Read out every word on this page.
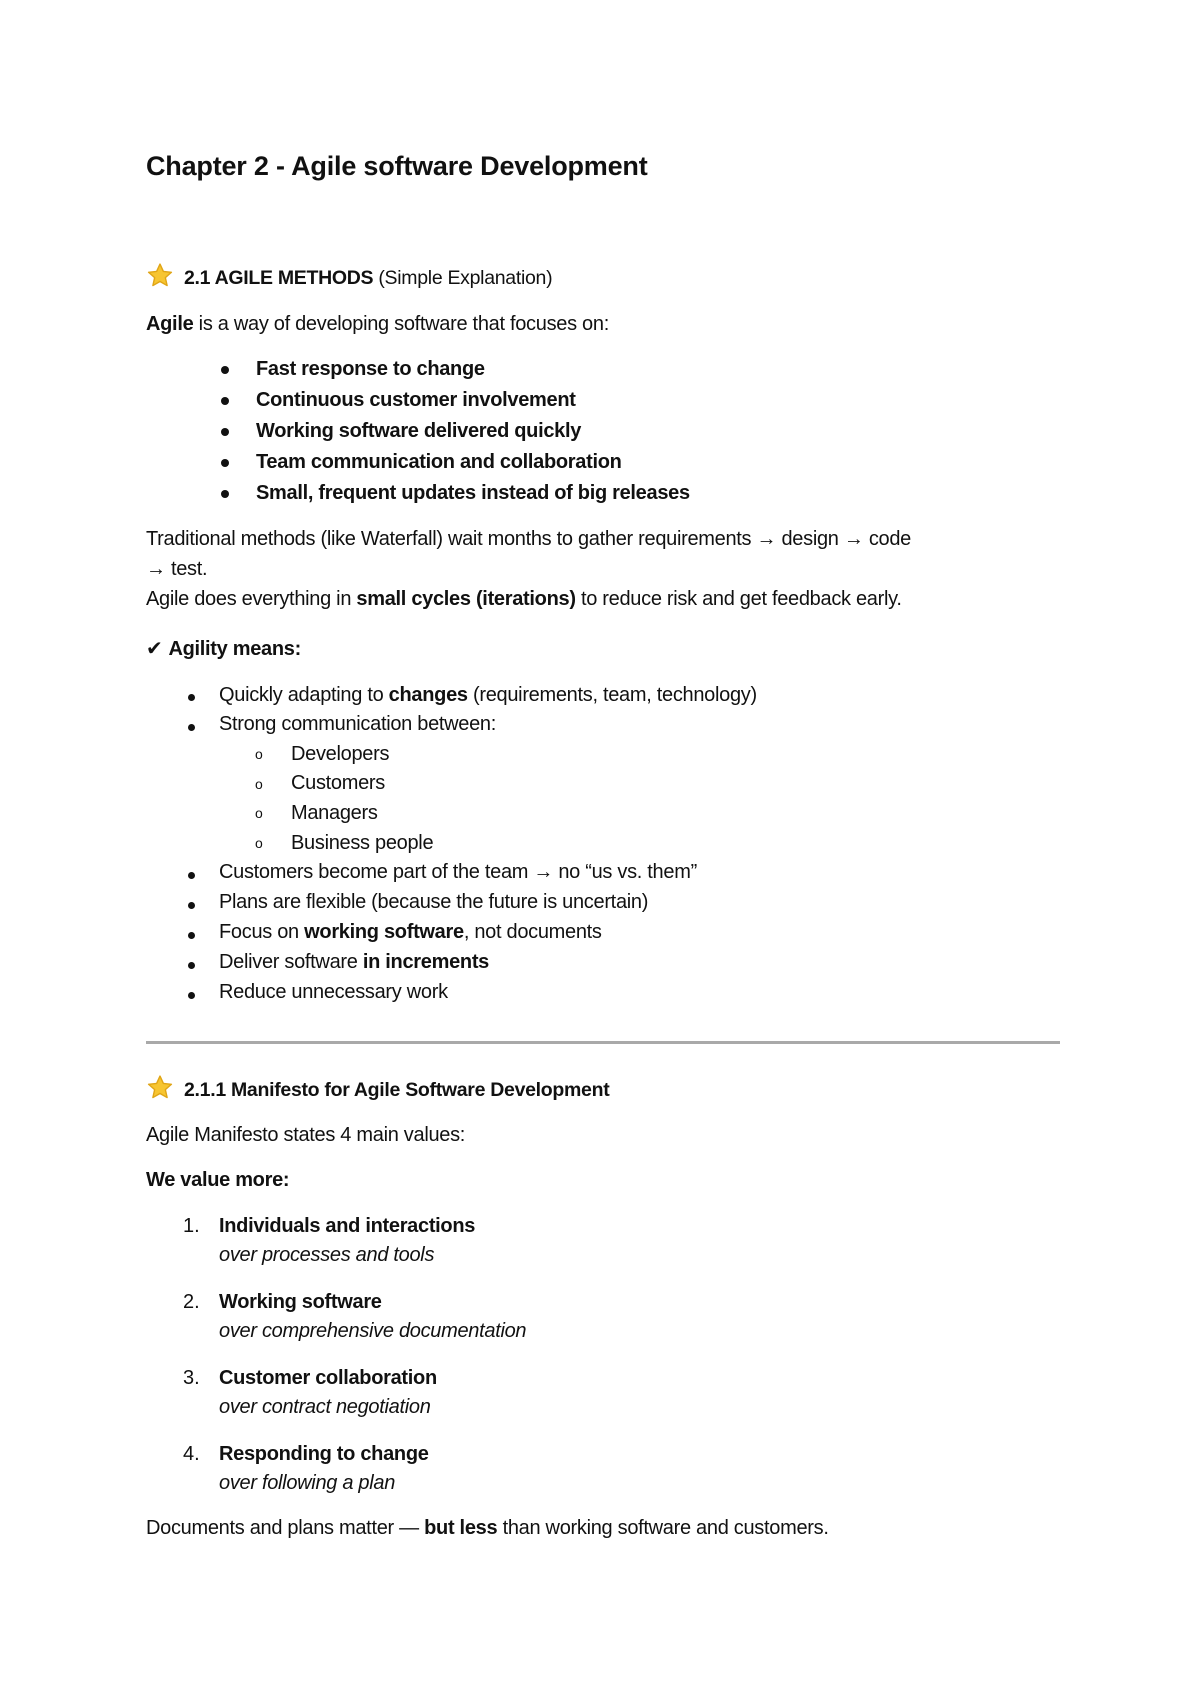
Chapter 2 - Agile software Development
2.1 AGILE METHODS (Simple Explanation)
Agile is a way of developing software that focuses on:
Fast response to change
Continuous customer involvement
Working software delivered quickly
Team communication and collaboration
Small, frequent updates instead of big releases
Traditional methods (like Waterfall) wait months to gather requirements → design → code
→ test.
Agile does everything in small cycles (iterations) to reduce risk and get feedback early.
✔ Agility means:
Quickly adapting to changes (requirements, team, technology)
Strong communication between:
o Developers
o Customers
o Managers
o Business people
Customers become part of the team → no “us vs. them”
Plans are flexible (because the future is uncertain)
Focus on working software, not documents
Deliver software in increments
Reduce unnecessary work
2.1.1 Manifesto for Agile Software Development
Agile Manifesto states 4 main values:
We value more:
1. Individuals and interactions
over processes and tools
2. Working software
over comprehensive documentation
3. Customer collaboration
over contract negotiation
4. Responding to change
over following a plan
Documents and plans matter — but less than working software and customers.
